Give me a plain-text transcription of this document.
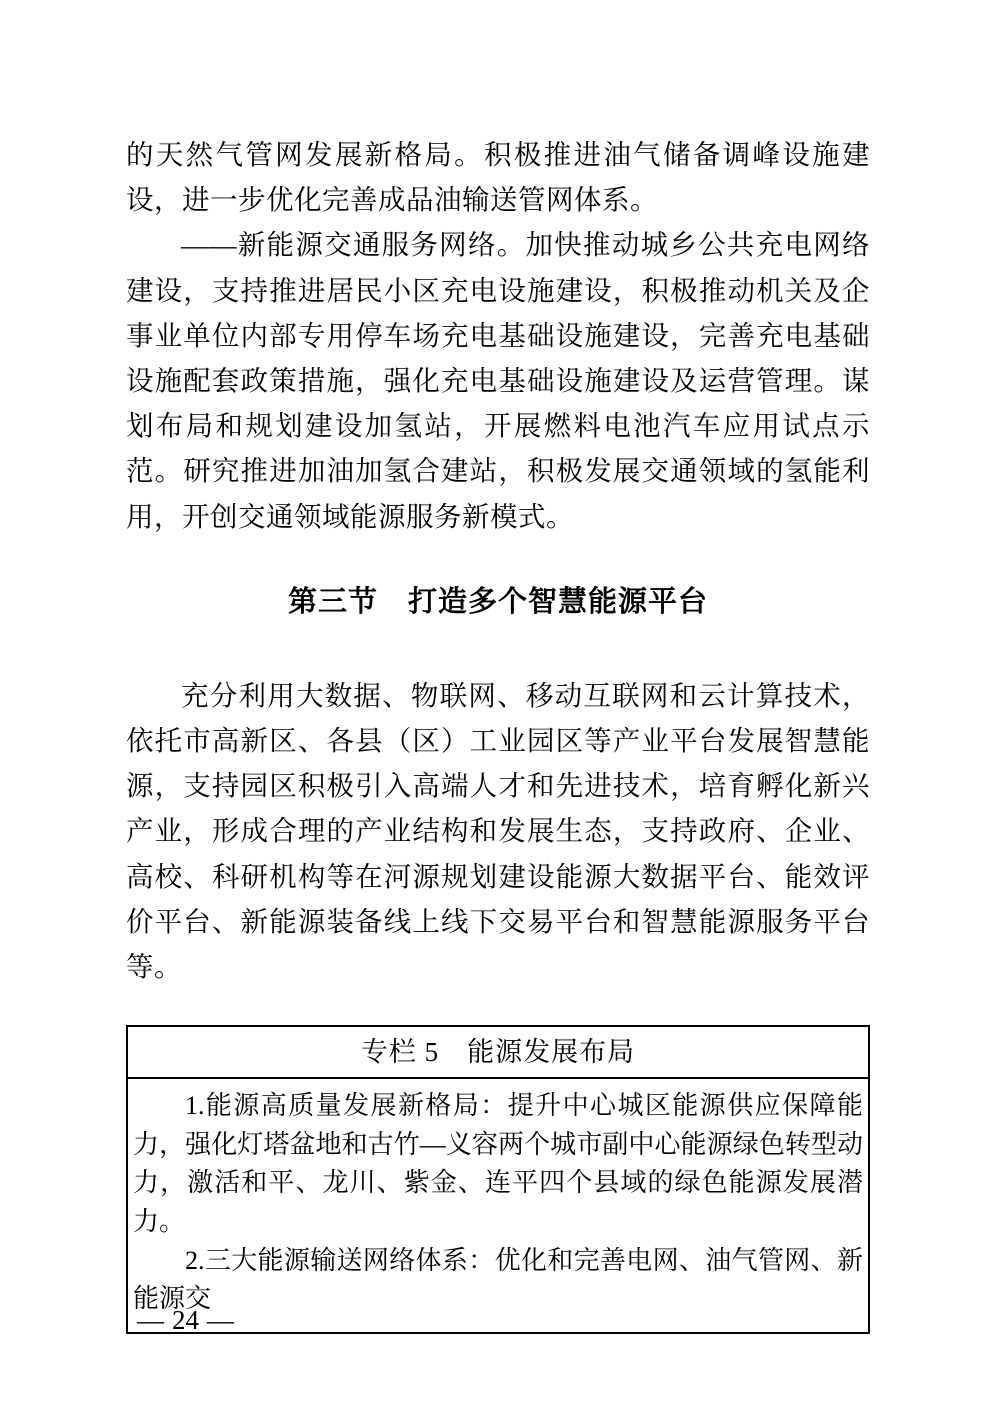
的天然气管网发展新格局。积极推进油气储备调峰设施建设，进一步优化完善成品油输送管网体系。

——新能源交通服务网络。加快推动城乡公共充电网络建设，支持推进居民小区充电设施建设，积极推动机关及企事业单位内部专用停车场充电基础设施建设，完善充电基础设施配套政策措施，强化充电基础设施建设及运营管理。谋划布局和规划建设加氢站，开展燃料电池汽车应用试点示范。研究推进加油加氢合建站，积极发展交通领域的氢能利用，开创交通领域能源服务新模式。

第三节　打造多个智慧能源平台

充分利用大数据、物联网、移动互联网和云计算技术，依托市高新区、各县（区）工业园区等产业平台发展智慧能源，支持园区积极引入高端人才和先进技术，培育孵化新兴产业，形成合理的产业结构和发展生态，支持政府、企业、高校、科研机构等在河源规划建设能源大数据平台、能效评价平台、新能源装备线上线下交易平台和智慧能源服务平台等。

专栏 5　能源发展布局

1.能源高质量发展新格局：提升中心城区能源供应保障能力，强化灯塔盆地和古竹—义容两个城市副中心能源绿色转型动力，激活和平、龙川、紫金、连平四个县域的绿色能源发展潜力。

2.三大能源输送网络体系：优化和完善电网、油气管网、新能源交

— 24 —
